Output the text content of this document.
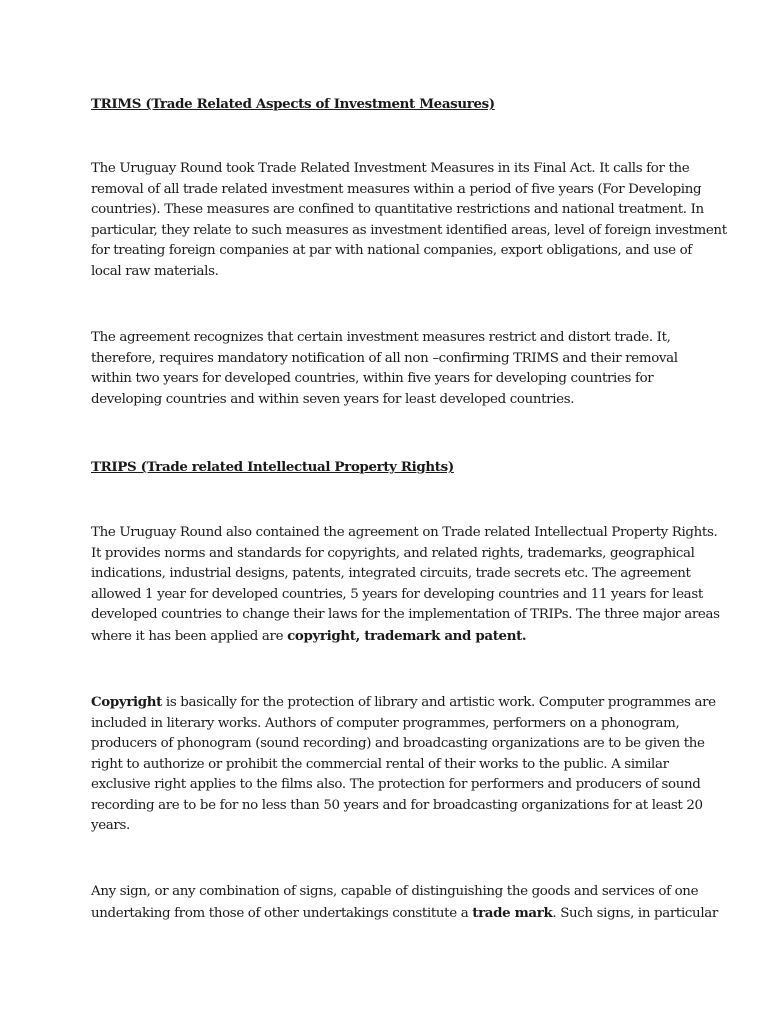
TRIMS (Trade Related Aspects of Investment Measures)
The Uruguay Round took Trade Related Investment Measures in its Final Act. It calls for the
removal of all trade related investment measures within a period of five years (For Developing
countries). These measures are confined to quantitative restrictions and national treatment. In
particular, they relate to such measures as investment identified areas, level of foreign investment
for treating foreign companies at par with national companies, export obligations, and use of
local raw materials.
The agreement recognizes that certain investment measures restrict and distort trade. It,
therefore, requires mandatory notification of all non –confirming TRIMS and their removal
within two years for developed countries, within five years for developing countries for
developing countries and within seven years for least developed countries.
TRIPS (Trade related Intellectual Property Rights)
The Uruguay Round also contained the agreement on Trade related Intellectual Property Rights.
It provides norms and standards for copyrights, and related rights, trademarks, geographical
indications, industrial designs, patents, integrated circuits, trade secrets etc. The agreement
allowed 1 year for developed countries, 5 years for developing countries and 11 years for least
developed countries to change their laws for the implementation of TRIPs. The three major areas
where it has been applied are copyright, trademark and patent.
Copyright is basically for the protection of library and artistic work. Computer programmes are
included in literary works. Authors of computer programmes, performers on a phonogram,
producers of phonogram (sound recording) and broadcasting organizations are to be given the
right to authorize or prohibit the commercial rental of their works to the public. A similar
exclusive right applies to the films also. The protection for performers and producers of sound
recording are to be for no less than 50 years and for broadcasting organizations for at least 20
years.
Any sign, or any combination of signs, capable of distinguishing the goods and services of one
undertaking from those of other undertakings constitute a trade mark. Such signs, in particular
